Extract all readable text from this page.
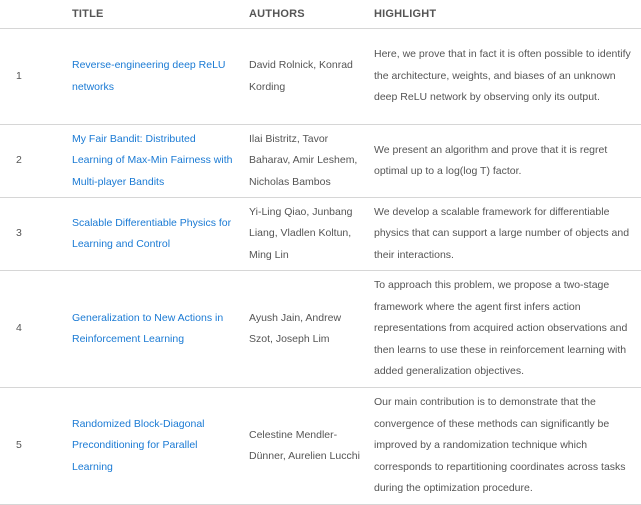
	TITLE	AUTHORS	HIGHLIGHT
1	Reverse-engineering deep ReLU networks	David Rolnick, Konrad Kording	Here, we prove that in fact it is often possible to identify the architecture, weights, and biases of an unknown deep ReLU network by observing only its output.
2	My Fair Bandit: Distributed Learning of Max-Min Fairness with Multi-player Bandits	Ilai Bistritz, Tavor Baharav, Amir Leshem, Nicholas Bambos	We present an algorithm and prove that it is regret optimal up to a log(log T) factor.
3	Scalable Differentiable Physics for Learning and Control	Yi-Ling Qiao, Junbang Liang, Vladlen Koltun, Ming Lin	We develop a scalable framework for differentiable physics that can support a large number of objects and their interactions.
4	Generalization to New Actions in Reinforcement Learning	Ayush Jain, Andrew Szot, Joseph Lim	To approach this problem, we propose a two-stage framework where the agent first infers action representations from acquired action observations and then learns to use these in reinforcement learning with added generalization objectives.
5	Randomized Block-Diagonal Preconditioning for Parallel Learning	Celestine Mendler-Dünner, Aurelien Lucchi	Our main contribution is to demonstrate that the convergence of these methods can significantly be improved by a randomization technique which corresponds to repartitioning coordinates across tasks during the optimization procedure.
